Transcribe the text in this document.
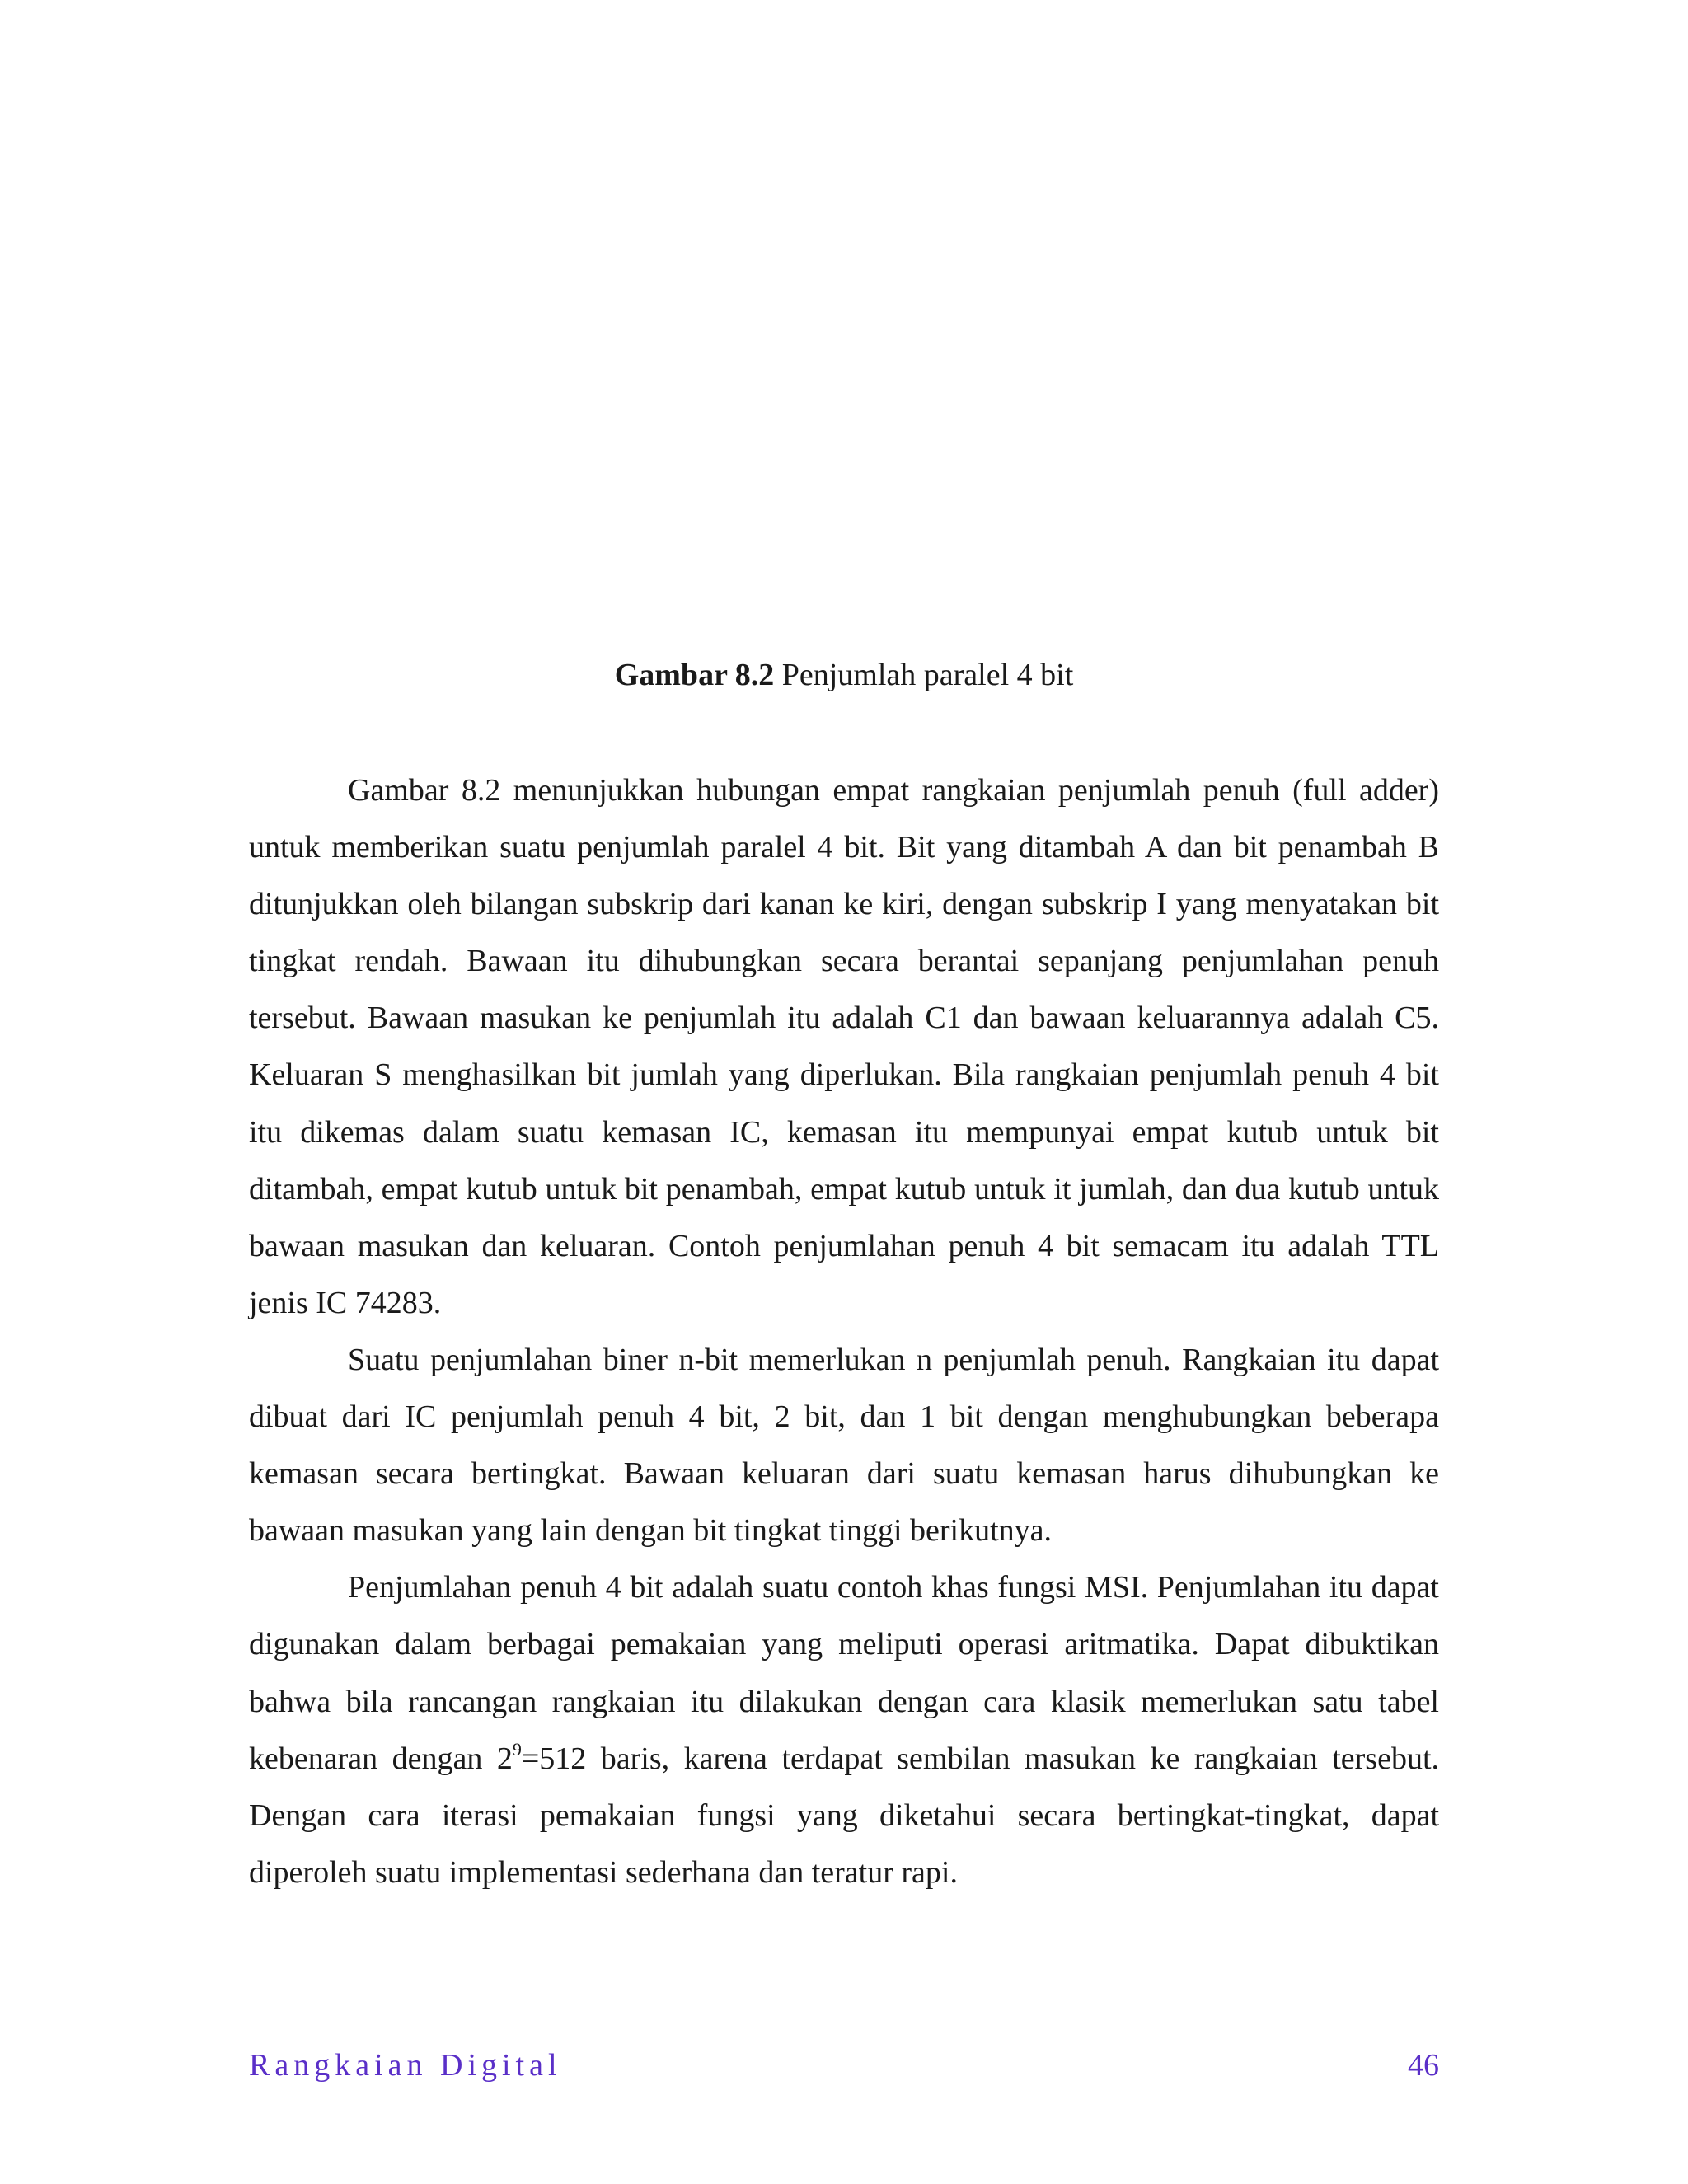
Gambar 8.2 Penjumlah paralel 4 bit

Gambar 8.2 menunjukkan hubungan empat rangkaian penjumlah penuh (full adder) untuk memberikan suatu penjumlah paralel 4 bit. Bit yang ditambah A dan bit penambah B ditunjukkan oleh bilangan subskrip dari kanan ke kiri, dengan subskrip I yang menyatakan bit tingkat rendah. Bawaan itu dihubungkan secara berantai sepanjang penjumlahan penuh tersebut. Bawaan masukan ke penjumlah itu adalah C1 dan bawaan keluarannya adalah C5. Keluaran S menghasilkan bit jumlah yang diperlukan. Bila rangkaian penjumlah penuh 4 bit itu dikemas dalam suatu kemasan IC, kemasan itu mempunyai empat kutub untuk bit ditambah, empat kutub untuk bit penambah, empat kutub untuk it jumlah, dan dua kutub untuk bawaan masukan dan keluaran. Contoh penjumlahan penuh 4 bit semacam itu adalah TTL jenis IC 74283.

Suatu penjumlahan biner n-bit memerlukan n penjumlah penuh. Rangkaian itu dapat dibuat dari IC penjumlah penuh 4 bit, 2 bit, dan 1 bit dengan menghubungkan beberapa kemasan secara bertingkat. Bawaan keluaran dari suatu kemasan harus dihubungkan ke bawaan masukan yang lain dengan bit tingkat tinggi berikutnya.

Penjumlahan penuh 4 bit adalah suatu contoh khas fungsi MSI. Penjumlahan itu dapat digunakan dalam berbagai pemakaian yang meliputi operasi aritmatika. Dapat dibuktikan bahwa bila rancangan rangkaian itu dilakukan dengan cara klasik memerlukan satu tabel kebenaran dengan $2^9=512$ baris, karena terdapat sembilan masukan ke rangkaian tersebut. Dengan cara iterasi pemakaian fungsi yang diketahui secara bertingkat-tingkat, dapat diperoleh suatu implementasi sederhana dan teratur rapi.

Rangkaian Digital	46
